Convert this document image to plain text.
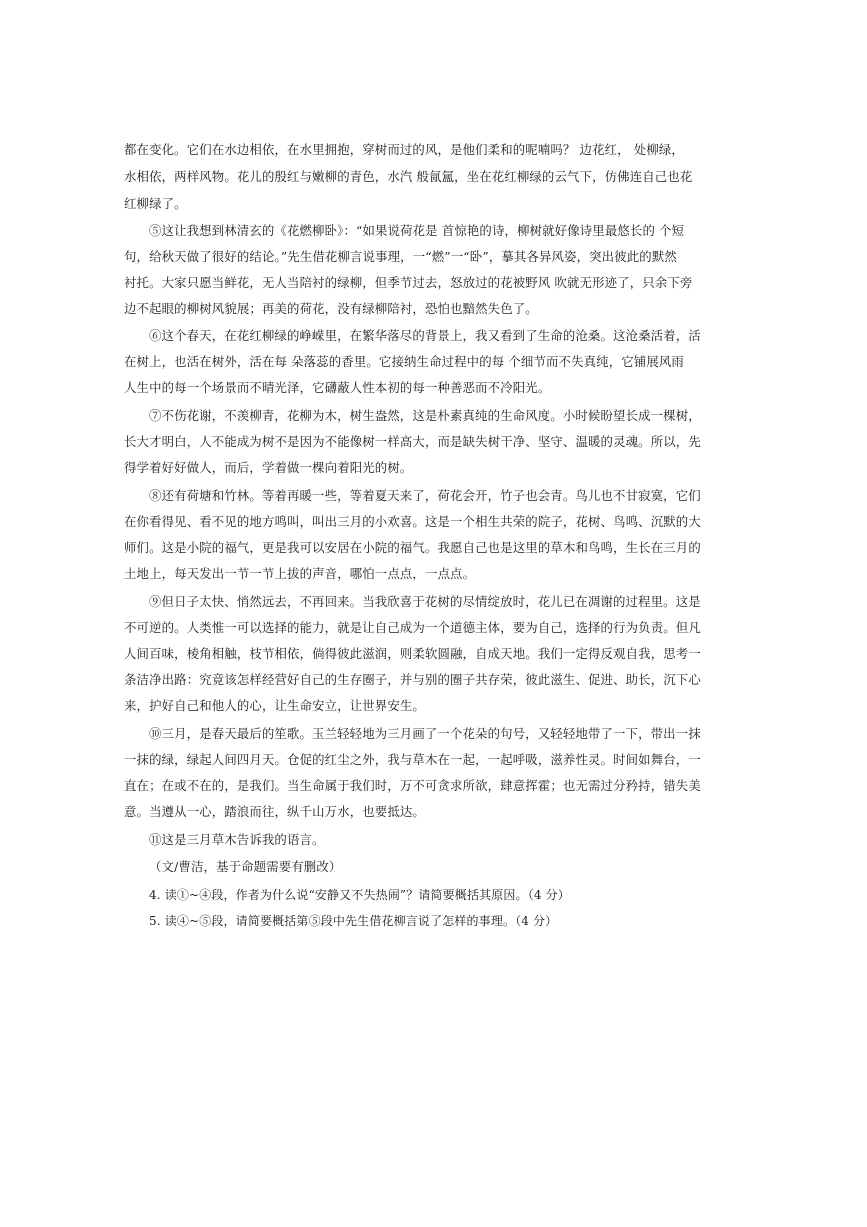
都在变化。它们在水边相依，在水里拥抱，穿树而过的风，是他们柔和的呢喃吗？ 边花红， 处柳绿，
水相依，两样风物。花儿的殷红与嫩柳的青色，水汽 般氤氲，坐在花红柳绿的云气下，仿佛连自己也花
红柳绿了。
⑤这让我想到林清玄的《花燃柳卧》：“如果说荷花是 首惊艳的诗，柳树就好像诗里最悠长的 个短
句，给秋天做了很好的结论。”先生借花柳言说事理，一“燃”一“卧”，摹其各异风姿，突出彼此的默然
衬托。大家只愿当鲜花，无人当陪衬的绿柳，但季节过去，怒放过的花被野风 吹就无形迹了，只余下旁
边不起眼的柳树风貌展；再美的荷花，没有绿柳陪衬，恐怕也黯然失色了。
⑥这个春天，在花红柳绿的峥嵘里，在繁华落尽的背景上，我又看到了生命的沧桑。这沧桑活着，活
在树上，也活在树外，活在每 朵落蕊的香里。它接纳生命过程中的每 个细节而不失真纯，它铺展风雨
人生中的每一个场景而不晴光泽，它礴蔽人性本初的每一种善恶而不冷阳光。
⑦不伤花谢，不羡柳青，花柳为木，树生盎然，这是朴素真纯的生命风度。小时候盼望长成一棵树，
长大才明白，人不能成为树不是因为不能像树一样高大，而是缺失树干净、坚守、温暖的灵魂。所以，先
得学着好好做人，而后，学着做一棵向着阳光的树。
⑧还有荷塘和竹林。等着再暖一些，等着夏天来了，荷花会开，竹子也会青。鸟儿也不甘寂寞，它们
在你看得见、看不见的地方鸣叫，叫出三月的小欢喜。这是一个相生共荣的院子，花树、鸟鸣、沉默的大
师们。这是小院的福气，更是我可以安居在小院的福气。我愿自己也是这里的草木和鸟鸣，生长在三月的
土地上，每天发出一节一节上拔的声音，哪怕一点点，一点点。
⑨但日子太快、悄然远去，不再回来。当我欣喜于花树的尽情绽放时，花儿已在凋谢的过程里。这是
不可逆的。人类惟一可以选择的能力，就是让自己成为一个道德主体，要为自己，选择的行为负责。但凡
人间百味，棱角相触，枝节相依，倘得彼此滋润，则柔软圆融，自成天地。我们一定得反观自我，思考一
条洁净出路：究竟该怎样经营好自己的生存圈子，并与别的圈子共存荣，彼此滋生、促进、助长，沉下心
来，护好自己和他人的心，让生命安立，让世界安生。
⑩三月，是春天最后的笙歌。玉兰轻轻地为三月画了一个花朵的句号，又轻轻地带了一下，带出一抹
一抹的绿，绿起人间四月天。仓促的红尘之外，我与草木在一起，一起呼吸，滋养性灵。时间如舞台，一
直在；在或不在的，是我们。当生命属于我们时，万不可贪求所欲，肆意挥霍；也无需过分矜持，错失美
意。当遵从一心，踏浪而往，纵千山万水，也要抵达。
⑪这是三月草木告诉我的语言。
（文/曹洁，基于命题需要有删改）
4. 读①~④段，作者为什么说“安静又不失热闹”？请简要概括其原因。（4 分）
5. 读④~⑤段，请简要概括第⑤段中先生借花柳言说了怎样的事理。（4 分）
